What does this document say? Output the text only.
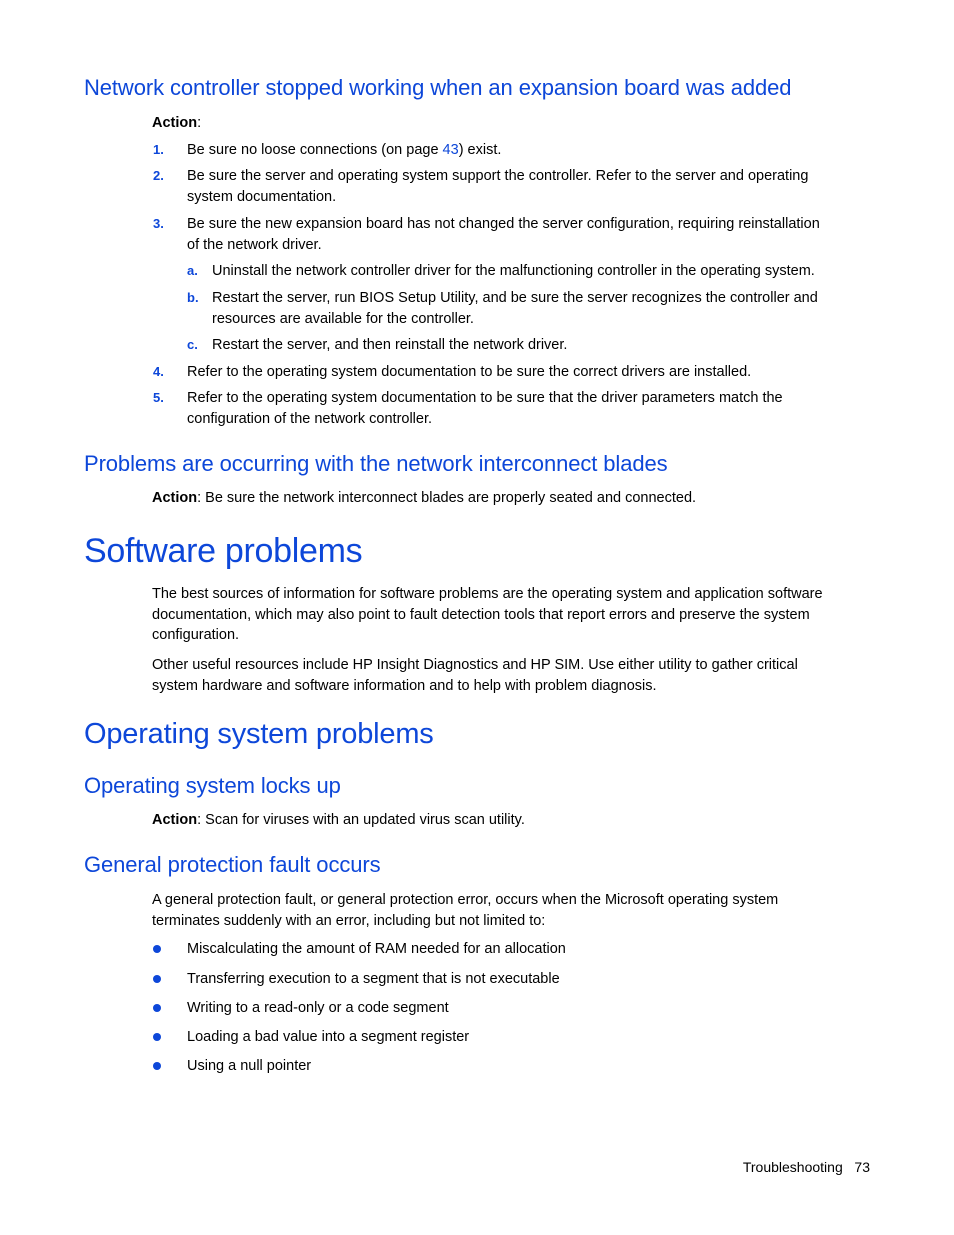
Network controller stopped working when an expansion board was added
Action:
1. Be sure no loose connections (on page 43) exist.
2. Be sure the server and operating system support the controller. Refer to the server and operating
system documentation.
3. Be sure the new expansion board has not changed the server configuration, requiring reinstallation
of the network driver.
a. Uninstall the network controller driver for the malfunctioning controller in the operating system.
b. Restart the server, run BIOS Setup Utility, and be sure the server recognizes the controller and
resources are available for the controller.
c. Restart the server, and then reinstall the network driver.
4. Refer to the operating system documentation to be sure the correct drivers are installed.
5. Refer to the operating system documentation to be sure that the driver parameters match the
configuration of the network controller.
Problems are occurring with the network interconnect blades
Action: Be sure the network interconnect blades are properly seated and connected.
Software problems
The best sources of information for software problems are the operating system and application software
documentation, which may also point to fault detection tools that report errors and preserve the system
configuration.
Other useful resources include HP Insight Diagnostics and HP SIM. Use either utility to gather critical
system hardware and software information and to help with problem diagnosis.
Operating system problems
Operating system locks up
Action: Scan for viruses with an updated virus scan utility.
General protection fault occurs
A general protection fault, or general protection error, occurs when the Microsoft operating system
terminates suddenly with an error, including but not limited to:
Miscalculating the amount of RAM needed for an allocation
Transferring execution to a segment that is not executable
Writing to a read-only or a code segment
Loading a bad value into a segment register
Using a null pointer
Troubleshooting 73
